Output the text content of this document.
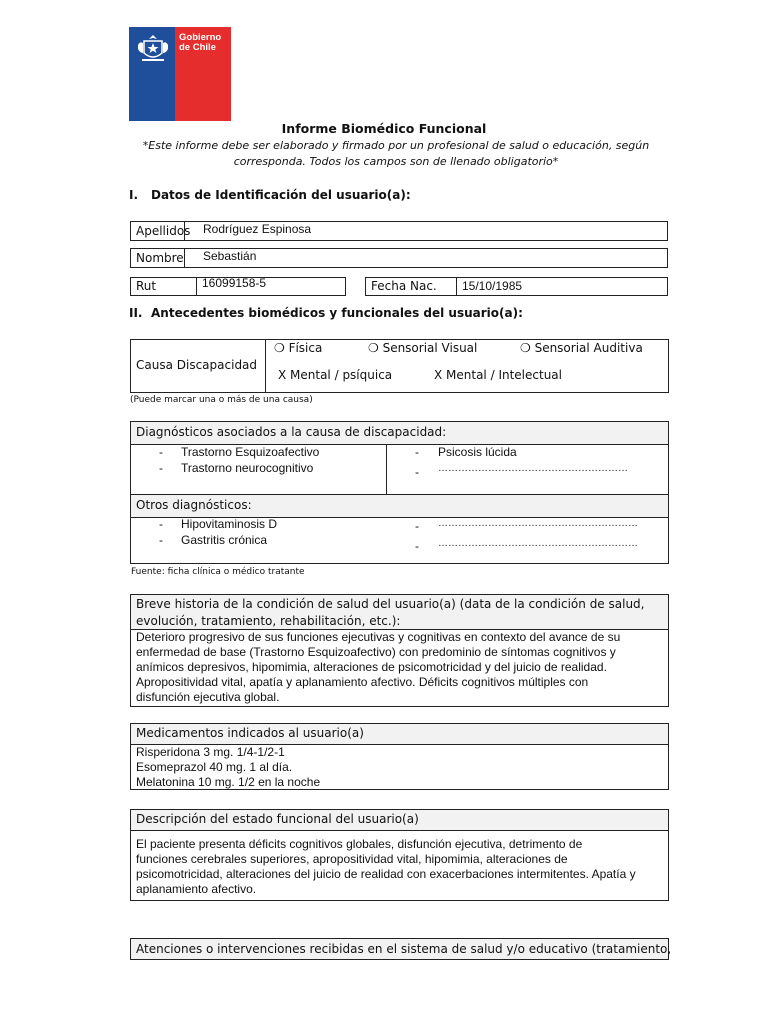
Gobierno
de Chile
Informe Biomédico Funcional
*Este informe debe ser elaborado y firmado por un profesional de salud o educación, según
corresponda. Todos los campos son de llenado obligatorio*
I. Datos de Identificación del usuario(a):
Apellidos Rodríguez Espinosa
Nombre Sebastián
Rut	16099158-5	Fecha Nac. 15/10/1985
II. Antecedentes biomédicos y funcionales del usuario(a):
Causa Discapacidad
❍ Física	❍ Sensorial Visual	❍ Sensorial Auditiva
X Mental / psíquica	X Mental / Intelectual
(Puede marcar una o más de una causa)
Diagnósticos asociados a la causa de discapacidad:
- Trastorno Esquizoafectivo
- Trastorno neurocognitivo
- Psicosis lúcida
- …………………………………………………
Otros diagnósticos:
- Hipovitaminosis D
- Gastritis crónica
- ……………………………………………………
- ……………………………………………………
Fuente: ficha clínica o médico tratante
Breve historia de la condición de salud del usuario(a) (data de la condición de salud,
evolución, tratamiento, rehabilitación, etc.):
Deterioro progresivo de sus funciones ejecutivas y cognitivas en contexto del avance de su
enfermedad de base (Trastorno Esquizoafectivo) con predominio de síntomas cognitivos y
anímicos depresivos, hipomimia, alteraciones de psicomotricidad y del juicio de realidad.
Apropositividad vital, apatía y aplanamiento afectivo. Déficits cognitivos múltiples con
disfunción ejecutiva global.
Medicamentos indicados al usuario(a)
Risperidona 3 mg. 1/4-1/2-1
Esomeprazol 40 mg. 1 al día.
Melatonina 10 mg. 1/2 en la noche
Descripción del estado funcional del usuario(a)
El paciente presenta déficits cognitivos globales, disfunción ejecutiva, detrimento de
funciones cerebrales superiores, apropositividad vital, hipomimia, alteraciones de
psicomotricidad, alteraciones del juicio de realidad con exacerbaciones intermitentes. Apatía y
aplanamiento afectivo.
Atenciones o intervenciones recibidas en el sistema de salud y/o educativo (tratamiento,
